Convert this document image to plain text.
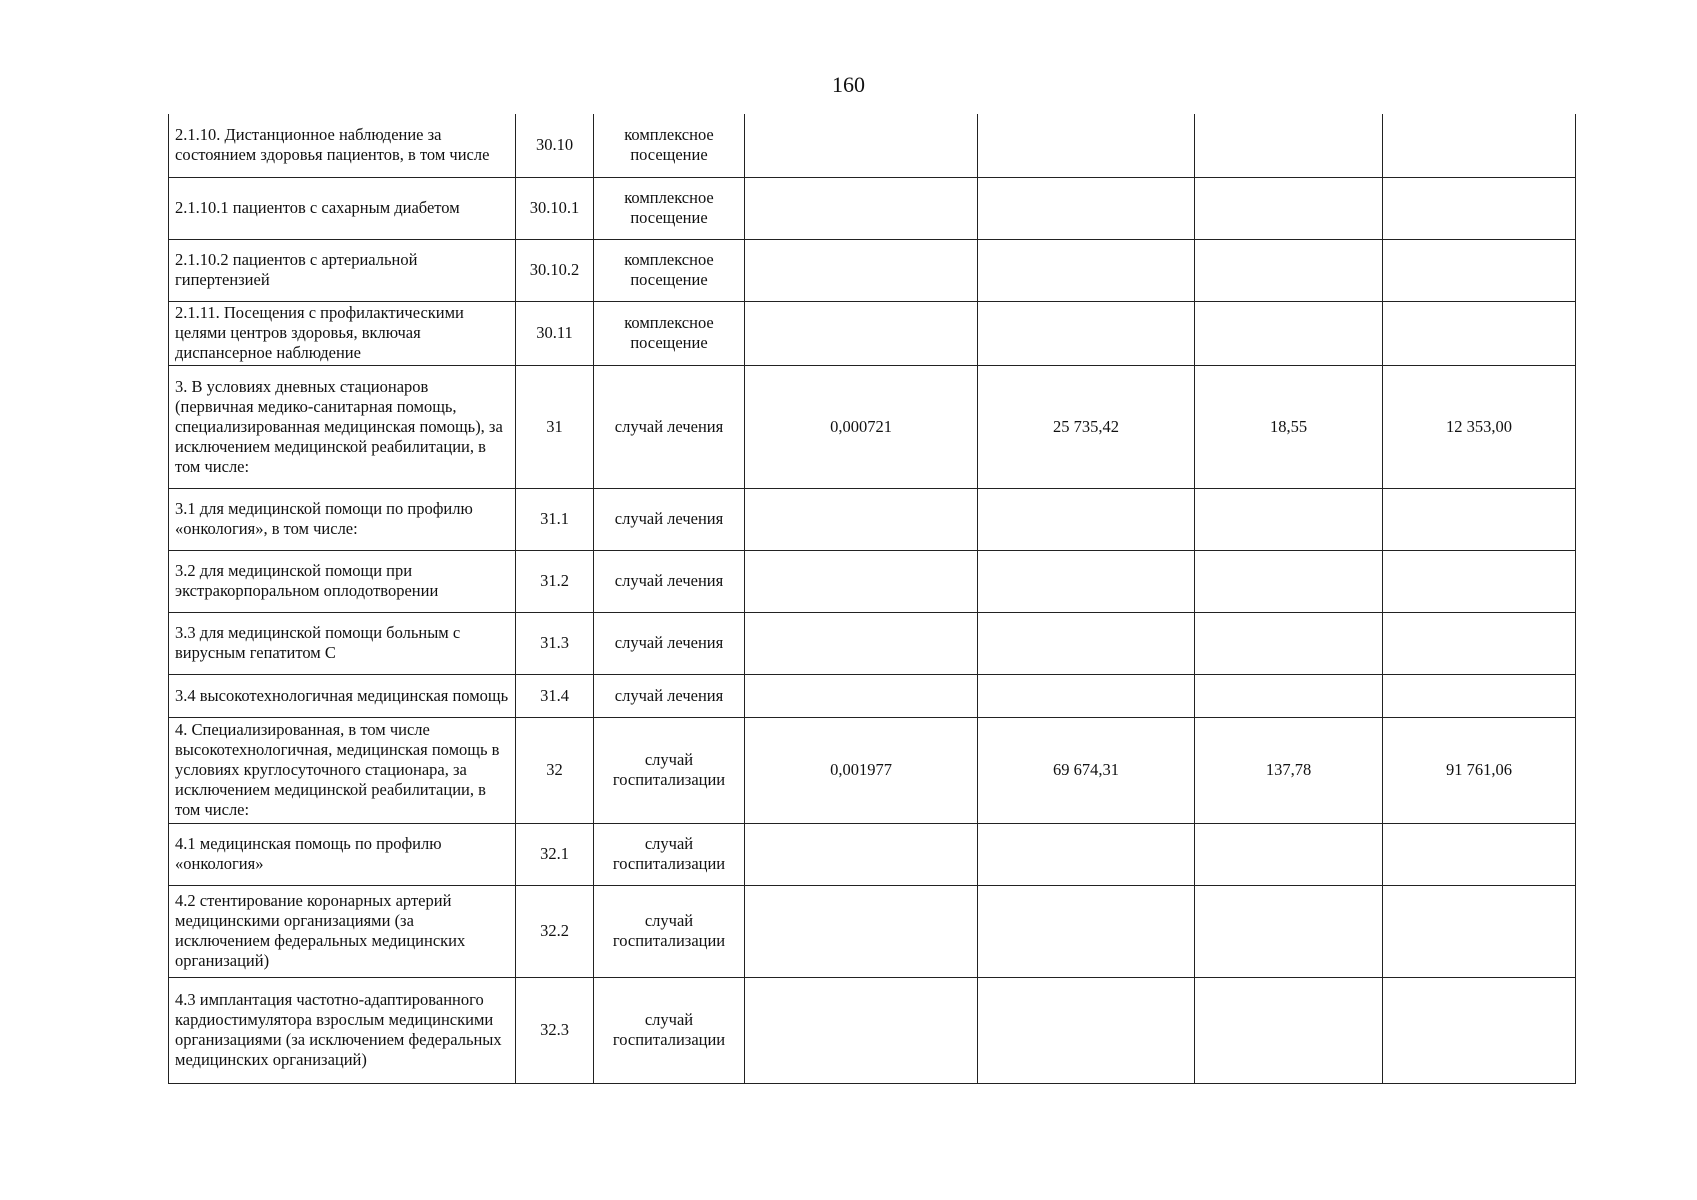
160
2.1.10. Дистанционное наблюдение за состоянием здоровья пациентов, в том числе	30.10	комплексное посещение				

2.1.10.1 пациентов с сахарным диабетом	30.10.1	комплексное посещение				

2.1.10.2 пациентов с артериальной гипертензией	30.10.2	комплексное посещение				

2.1.11. Посещения с профилактическими целями центров здоровья, включая диспансерное наблюдение	30.11	комплексное посещение				

3. В условиях дневных стационаров (первичная медико-санитарная помощь, специализированная медицинская помощь), за исключением медицинской реабилитации, в том числе:	31	случай лечения	0,000721	25 735,42	18,55	12 353,00

3.1 для медицинской помощи по профилю «онкология», в том числе:	31.1	случай лечения				

3.2 для медицинской помощи при экстракорпоральном оплодотворении	31.2	случай лечения				

3.3 для медицинской помощи больным с вирусным гепатитом С	31.3	случай лечения				

3.4 высокотехнологичная медицинская помощь	31.4	случай лечения				

4. Специализированная, в том числе высокотехнологичная, медицинская помощь в условиях круглосуточного стационара, за исключением медицинской реабилитации, в том числе:	32	случай госпитализации	0,001977	69 674,31	137,78	91 761,06

4.1 медицинская помощь по профилю «онкология»	32.1	случай госпитализации				

4.2 стентирование коронарных артерий медицинскими организациями (за исключением федеральных медицинских организаций)	32.2	случай госпитализации				

4.3 имплантация частотно-адаптированного кардиостимулятора взрослым медицинскими организациями (за исключением федеральных медицинских организаций)	32.3	случай госпитализации				
